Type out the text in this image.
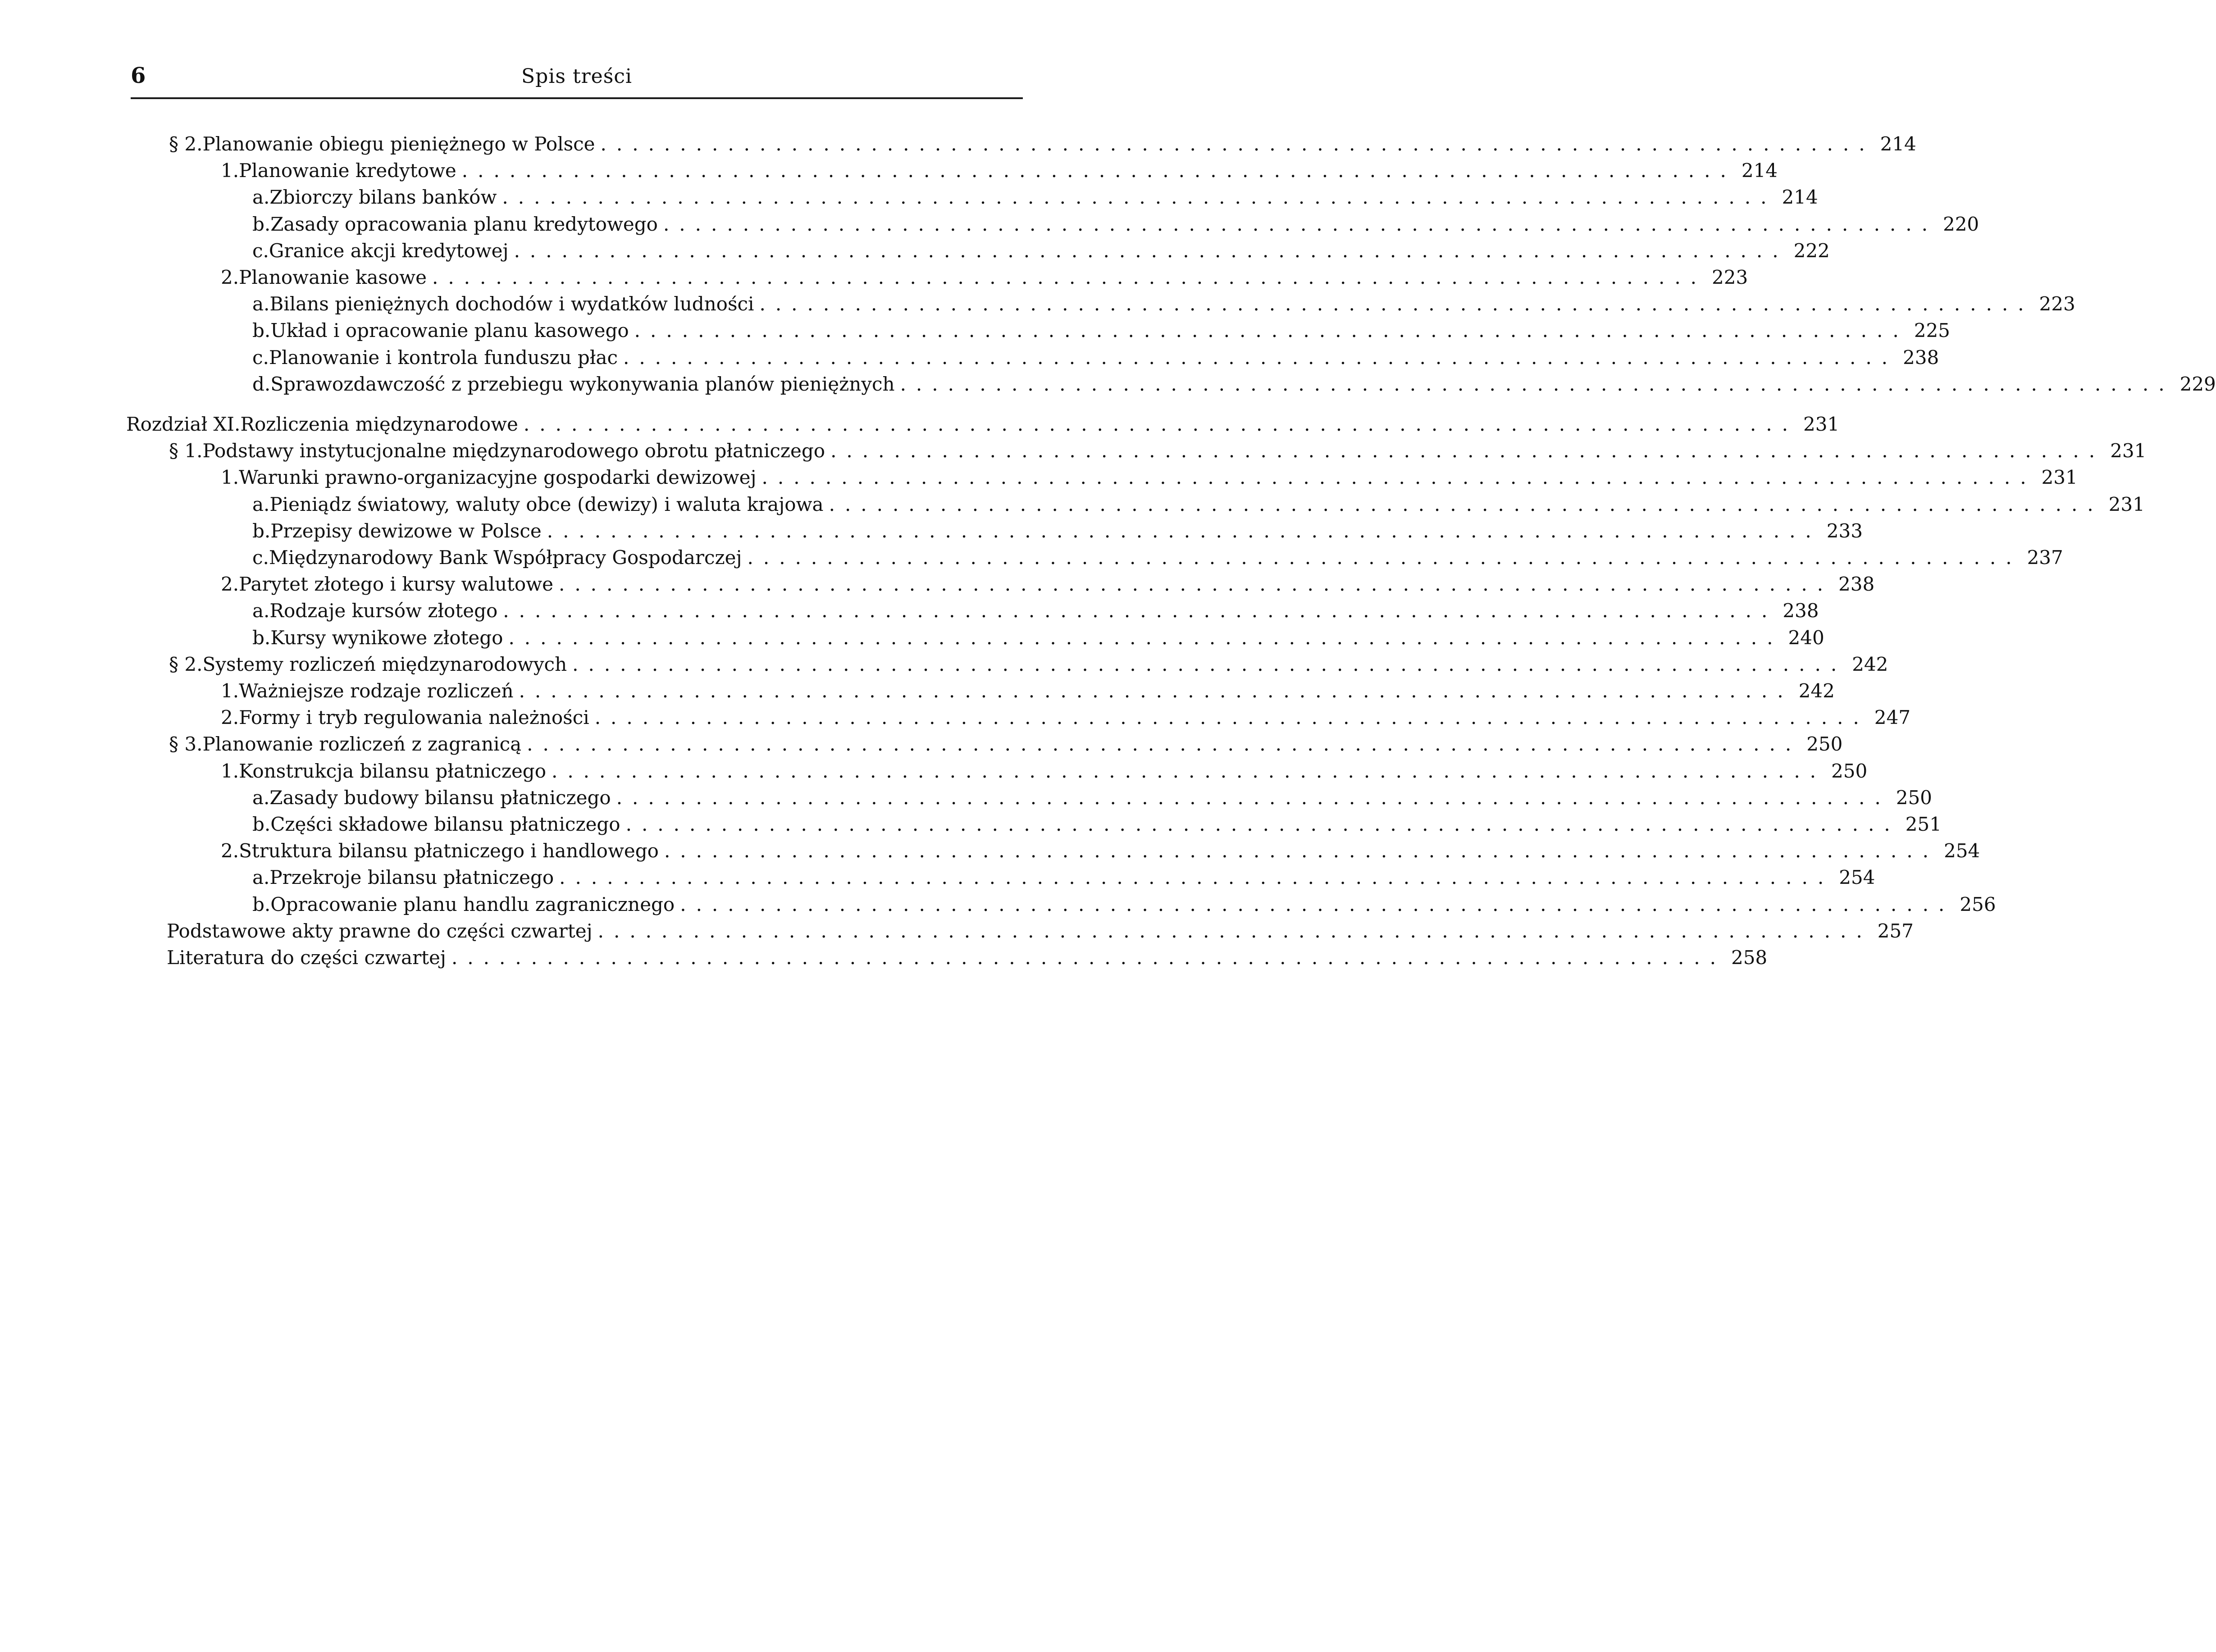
6	Spis treści
§ 2. Planowanie obiegu pieniężnego w Polsce ................................................................................ 214
1. Planowanie kredytowe ................................................................................ 214
a. Zbiorczy bilans banków ................................................................................ 214
b. Zasady opracowania planu kredytowego ................................................................................ 220
c. Granice akcji kredytowej ................................................................................ 222
2. Planowanie kasowe ................................................................................ 223
a. Bilans pieniężnych dochodów i wydatków ludności ................................................................................ 223
b. Układ i opracowanie planu kasowego ................................................................................ 225
c. Planowanie i kontrola funduszu płac ................................................................................ 238
d. Sprawozdawczość z przebiegu wykonywania planów pieniężnych ................................................................................ 229
Rozdział XI. Rozliczenia międzynarodowe ................................................................................ 231
§ 1. Podstawy instytucjonalne międzynarodowego obrotu płatniczego ................................................................................ 231
1. Warunki prawno-organizacyjne gospodarki dewizowej ................................................................................ 231
a. Pieniądz światowy, waluty obce (dewizy) i waluta krajowa ................................................................................ 231
b. Przepisy dewizowe w Polsce ................................................................................ 233
c. Międzynarodowy Bank Współpracy Gospodarczej ................................................................................ 237
2. Parytet złotego i kursy walutowe ................................................................................ 238
a. Rodzaje kursów złotego ................................................................................ 238
b. Kursy wynikowe złotego ................................................................................ 240
§ 2. Systemy rozliczeń międzynarodowych ................................................................................ 242
1. Ważniejsze rodzaje rozliczeń ................................................................................ 242
2. Formy i tryb regulowania należności ................................................................................ 247
§ 3. Planowanie rozliczeń z zagranicą ................................................................................ 250
1. Konstrukcja bilansu płatniczego ................................................................................ 250
a. Zasady budowy bilansu płatniczego ................................................................................ 250
b. Części składowe bilansu płatniczego ................................................................................ 251
2. Struktura bilansu płatniczego i handlowego ................................................................................ 254
a. Przekroje bilansu płatniczego ................................................................................ 254
b. Opracowanie planu handlu zagranicznego ................................................................................ 256
Podstawowe akty prawne do części czwartej ................................................................................ 257
Literatura do części czwartej ................................................................................ 258
